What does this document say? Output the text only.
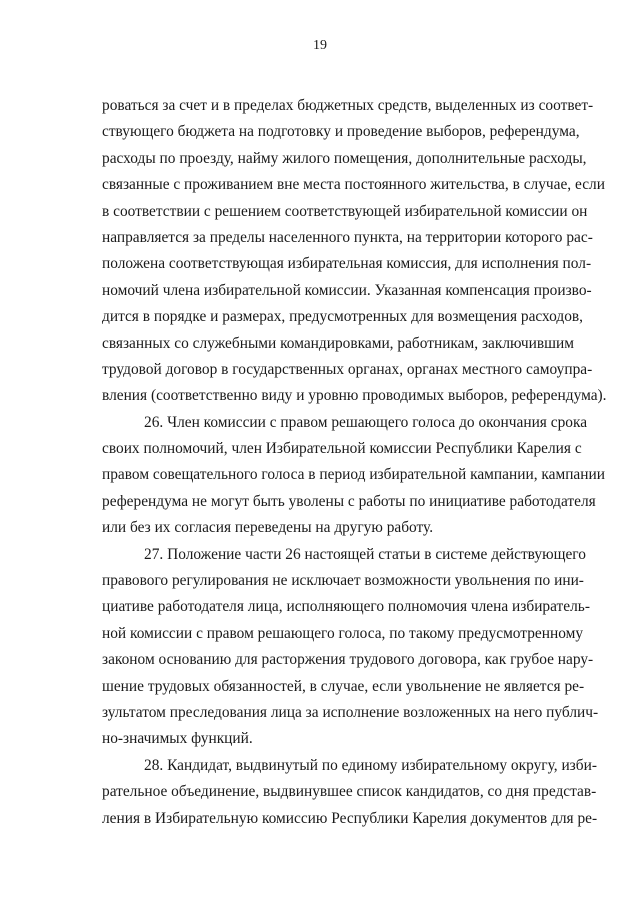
19
роваться за счет и в пределах бюджетных средств, выделенных из соответ-
ствующего бюджета на подготовку и проведение выборов, референдума,
расходы по проезду, найму жилого помещения, дополнительные расходы,
связанные с проживанием вне места постоянного жительства, в случае, если
в соответствии с решением соответствующей избирательной комиссии он
направляется за пределы населенного пункта, на территории которого рас-
положена соответствующая избирательная комиссия, для исполнения пол-
номочий члена избирательной комиссии. Указанная компенсация произво-
дится в порядке и размерах, предусмотренных для возмещения расходов,
связанных со служебными командировками, работникам, заключившим
трудовой договор в государственных органах, органах местного самоупра-
вления (соответственно виду и уровню проводимых выборов, референдума).
26. Член комиссии с правом решающего голоса до окончания срока
своих полномочий, член Избирательной комиссии Республики Карелия с
правом совещательного голоса в период избирательной кампании, кампании
референдума не могут быть уволены с работы по инициативе работодателя
или без их согласия переведены на другую работу.
27. Положение части 26 настоящей статьи в системе действующего
правового регулирования не исключает возможности увольнения по ини-
циативе работодателя лица, исполняющего полномочия члена избиратель-
ной комиссии с правом решающего голоса, по такому предусмотренному
законом основанию для расторжения трудового договора, как грубое нару-
шение трудовых обязанностей, в случае, если увольнение не является ре-
зультатом преследования лица за исполнение возложенных на него публич-
но-значимых функций.
28. Кандидат, выдвинутый по единому избирательному округу, изби-
рательное объединение, выдвинувшее список кандидатов, со дня представ-
ления в Избирательную комиссию Республики Карелия документов для ре-
